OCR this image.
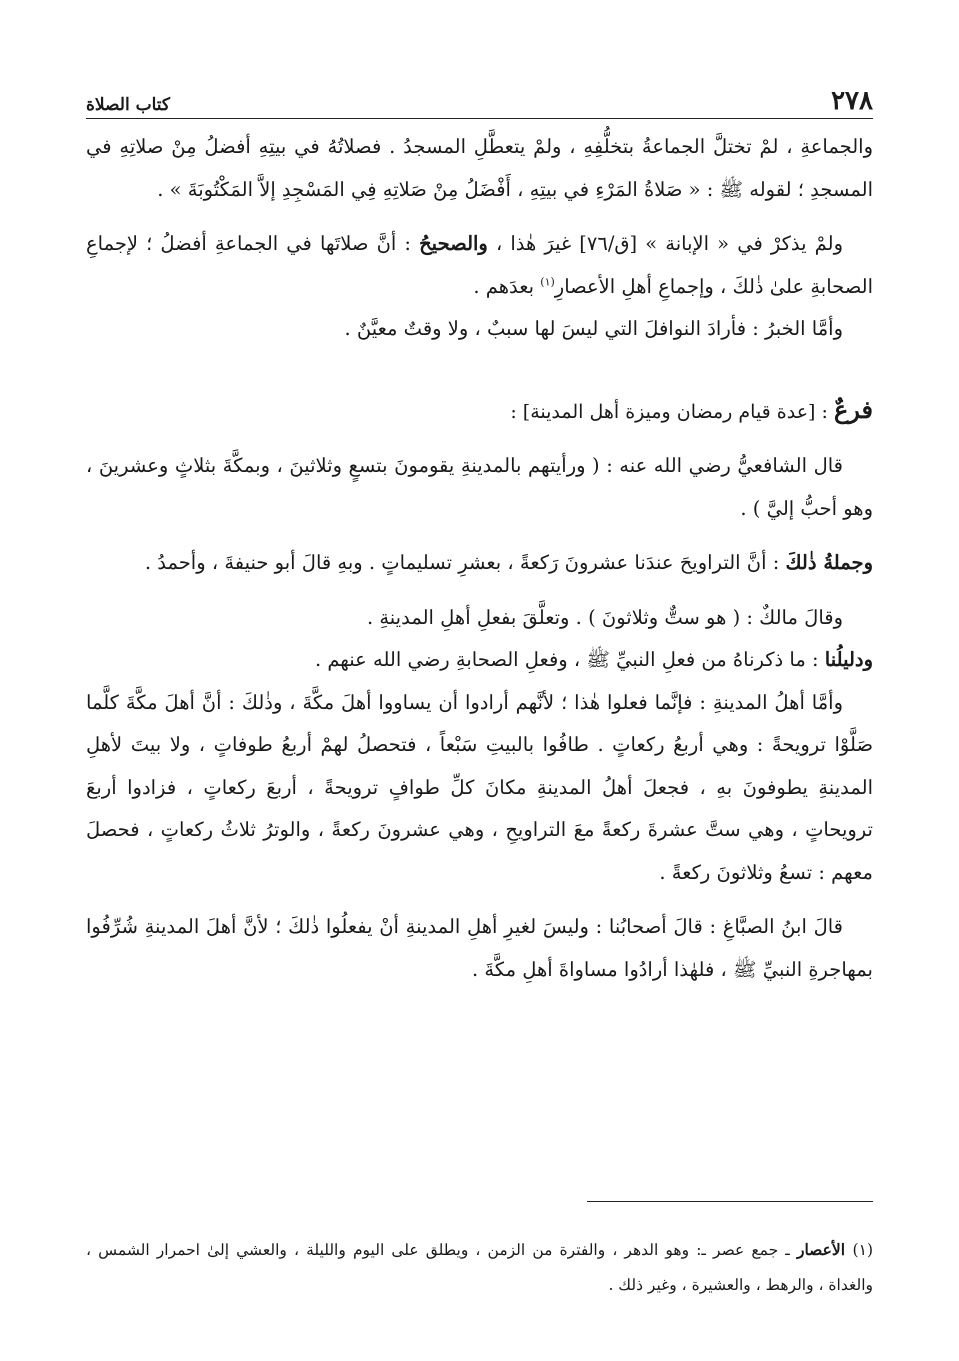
٢٧٨
كتاب الصلاة

والجماعةِ ، لمْ تختلَّ الجماعةُ بتخلُّفِهِ ، ولمْ يتعطَّلِ المسجدُ . فصلاتُهُ في بيتِهِ أفضلُ مِنْ صلاتِهِ في المسجدِ ؛ لقوله ﷺ : « صَلاةُ المَرْءِ في بيتِهِ ، أَفْضَلُ مِنْ صَلاتِهِ فِي المَسْجِدِ إلاَّ المَكْتُوبَةَ » .

ولمْ يذكرْ في « الإبانة » [ق/٧٦] غيرَ هٰذا ، والصحيحُ : أنَّ صلاتَها في الجماعةِ أفضلُ ؛ لإجماعِ الصحابةِ علىٰ ذٰلكَ ، وإجماعِ أهلِ الأعصارِ$^{(١)}$ بعدَهم .

وأمَّا الخبرُ : فأرادَ النوافلَ التي ليسَ لها سببٌ ، ولا وقتٌ معيَّنٌ .

فرعٌ : [عدة قيام رمضان وميزة أهل المدينة] :

قال الشافعيُّ رضي الله عنه : ( ورأيتهم بالمدينةِ يقومونَ بتسعٍ وثلاثينَ ، وبمكَّةَ بثلاثٍ وعشرينَ ، وهو أحبُّ إليَّ ) .

وجملةُ ذٰلكَ : أنَّ التراويحَ عندَنا عشرونَ رَكعةً ، بعشرِ تسليماتٍ . وبهِ قالَ أبو حنيفةَ ، وأحمدُ .

وقالَ مالكٌ : ( هو ستٌّ وثلاثونَ ) . وتعلَّقَ بفعلِ أهلِ المدينةِ .

ودليلُنا : ما ذكرناهُ من فعلِ النبيِّ ﷺ ، وفعلِ الصحابةِ رضي الله عنهم .

وأمَّا أهلُ المدينةِ : فإنَّما فعلوا هٰذا ؛ لأنَّهم أرادوا أن يساووا أهلَ مكَّةَ ، وذٰلكَ : أنَّ أهلَ مكَّةَ كلَّما صَلَّوْا ترويحةً : وهي أربعُ ركعاتٍ . طافُوا بالبيتِ سَبْعاً ، فتحصلُ لهمْ أربعُ طوفاتٍ ، ولا بيتَ لأهلِ المدينةِ يطوفونَ بهِ ، فجعلَ أهلُ المدينةِ مكانَ كلِّ طوافٍ ترويحةً ، أربعَ ركعاتٍ ، فزادوا أربعَ ترويحاتٍ ، وهي ستَّ عشرةَ ركعةً معَ التراويحِ ، وهي عشرونَ ركعةً ، والوترُ ثلاثُ ركعاتٍ ، فحصلَ معهم : تسعُ وثلاثونَ ركعةً .

قالَ ابنُ الصبَّاغِ : قالَ أصحابُنا : وليسَ لغيرِ أهلِ المدينةِ أنْ يفعلُوا ذٰلكَ ؛ لأنَّ أهلَ المدينةِ شُرِّفُوا بمهاجرةِ النبيِّ ﷺ ، فلهٰذا أرادُوا مساواةَ أهلِ مكَّةَ .

(١)الأعصار ـ جمع عصر ـ: وهو الدهر ، والفترة من الزمن ، ويطلق على اليوم والليلة ، والعشي إلىٰ احمرار الشمس ، والغداة ، والرهط ، والعشيرة ، وغير ذلك .
